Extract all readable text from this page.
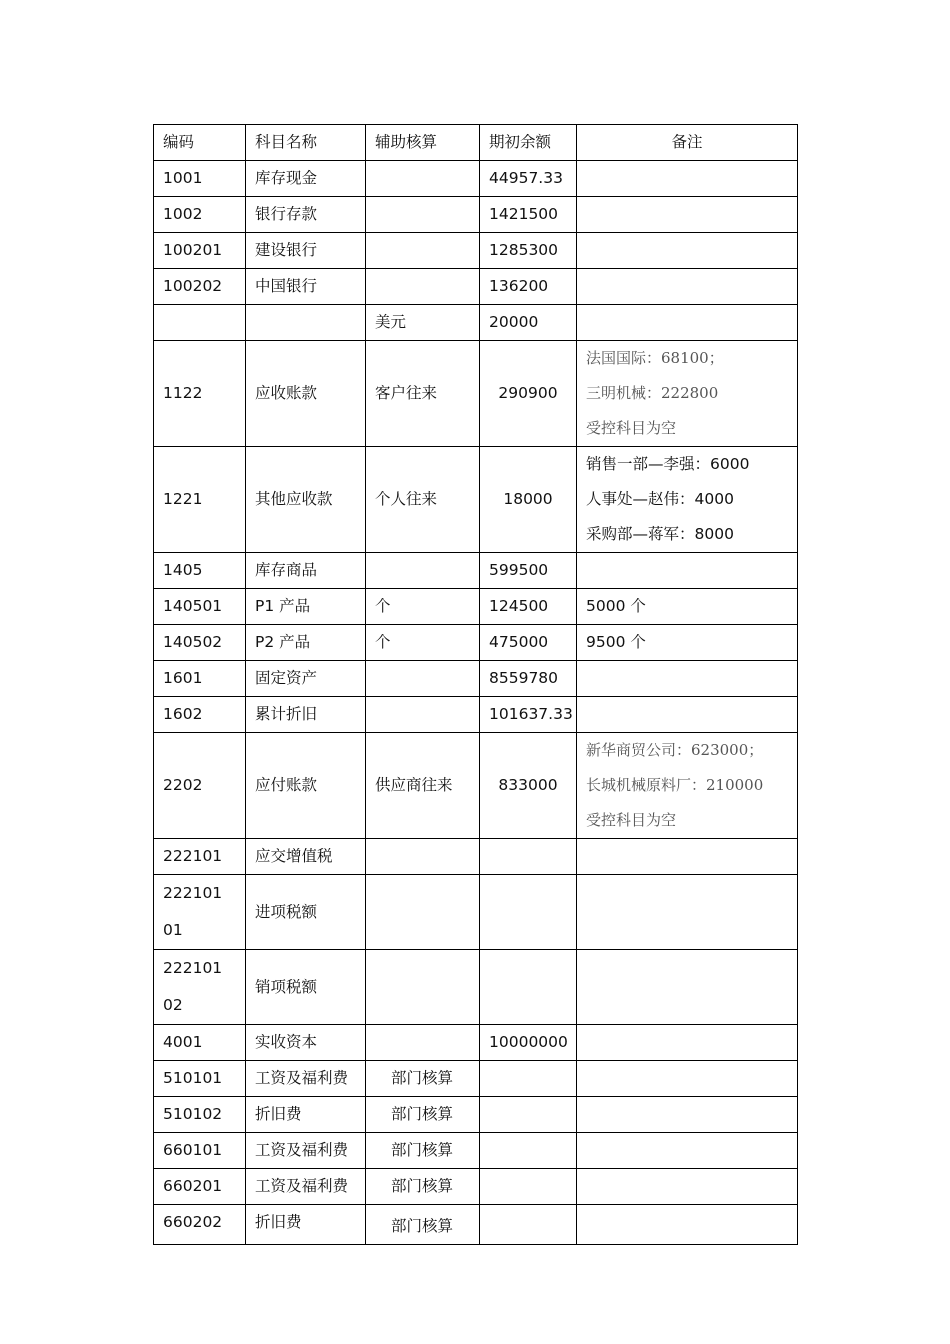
编码	科目名称	辅助核算	期初余额	备注
1001	库存现金		44957.33	
1002	银行存款		1421500	
100201	建设银行		1285300	
100202	中国银行		136200	
		美元	20000	
1122	应收账款	客户往来	290900	法国国际：68100；
三明机械：222800
受控科目为空

1221	其他应收款	个人往来	18000	销售一部—李强：6000
人事处—赵伟：4000
采购部—蒋军：8000

1405	库存商品		599500	
140501	P1 产品	个	124500	5000 个

140502	P2 产品	个	475000	9500 个

1601	固定资产		8559780	
1602	累计折旧		101637.33	
2202	应付账款	供应商往来	833000	新华商贸公司：623000；
长城机械原料厂：210000
受控科目为空

222101	应交增值税			

22210101	进项税额			

22210102	销项税额			
4001	实收资本		10000000	
510101	工资及福利费	部门核算		
510102	折旧费	部门核算		
660101	工资及福利费	部门核算		
660201	工资及福利费	部门核算		
660202	折旧费	部门核算		
